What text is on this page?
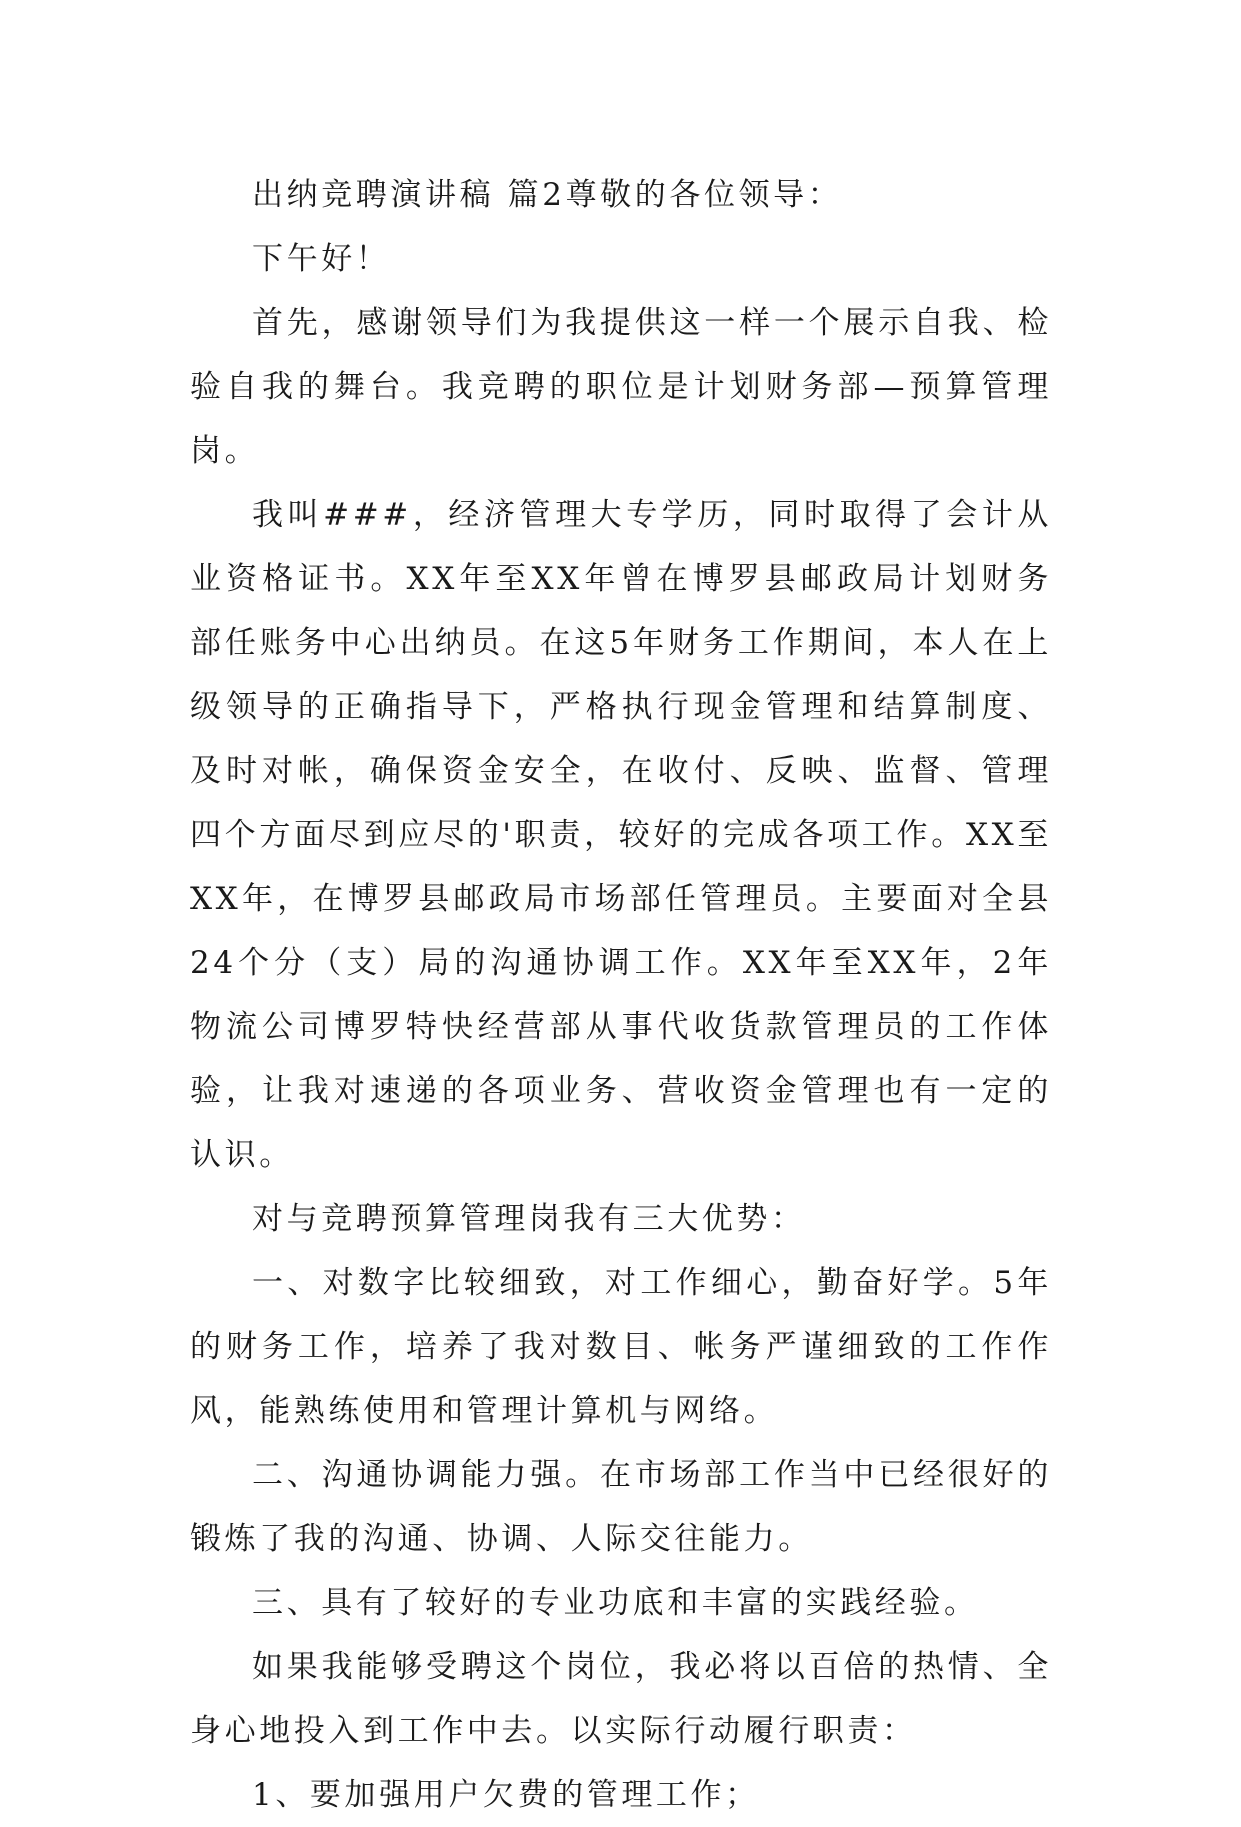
出纳竞聘演讲稿 篇2尊敬的各位领导：

下午好！

首先，感谢领导们为我提供这一样一个展示自我、检验自我的舞台。我竞聘的职位是计划财务部—预算管理岗。

我叫###，经济管理大专学历，同时取得了会计从业资格证书。XX年至XX年曾在博罗县邮政局计划财务部任账务中心出纳员。在这5年财务工作期间，本人在上级领导的正确指导下，严格执行现金管理和结算制度、及时对帐，确保资金安全，在收付、反映、监督、管理四个方面尽到应尽的'职责，较好的完成各项工作。XX至XX年，在博罗县邮政局市场部任管理员。主要面对全县24个分（支）局的沟通协调工作。XX年至XX年，2年物流公司博罗特快经营部从事代收货款管理员的工作体验，让我对速递的各项业务、营收资金管理也有一定的认识。

对与竞聘预算管理岗我有三大优势：

一、对数字比较细致，对工作细心，勤奋好学。5年的财务工作，培养了我对数目、帐务严谨细致的工作作风，能熟练使用和管理计算机与网络。

二、沟通协调能力强。在市场部工作当中已经很好的锻炼了我的沟通、协调、人际交往能力。

三、具有了较好的专业功底和丰富的实践经验。

如果我能够受聘这个岗位，我必将以百倍的热情、全身心地投入到工作中去。以实际行动履行职责：

1、要加强用户欠费的管理工作；
